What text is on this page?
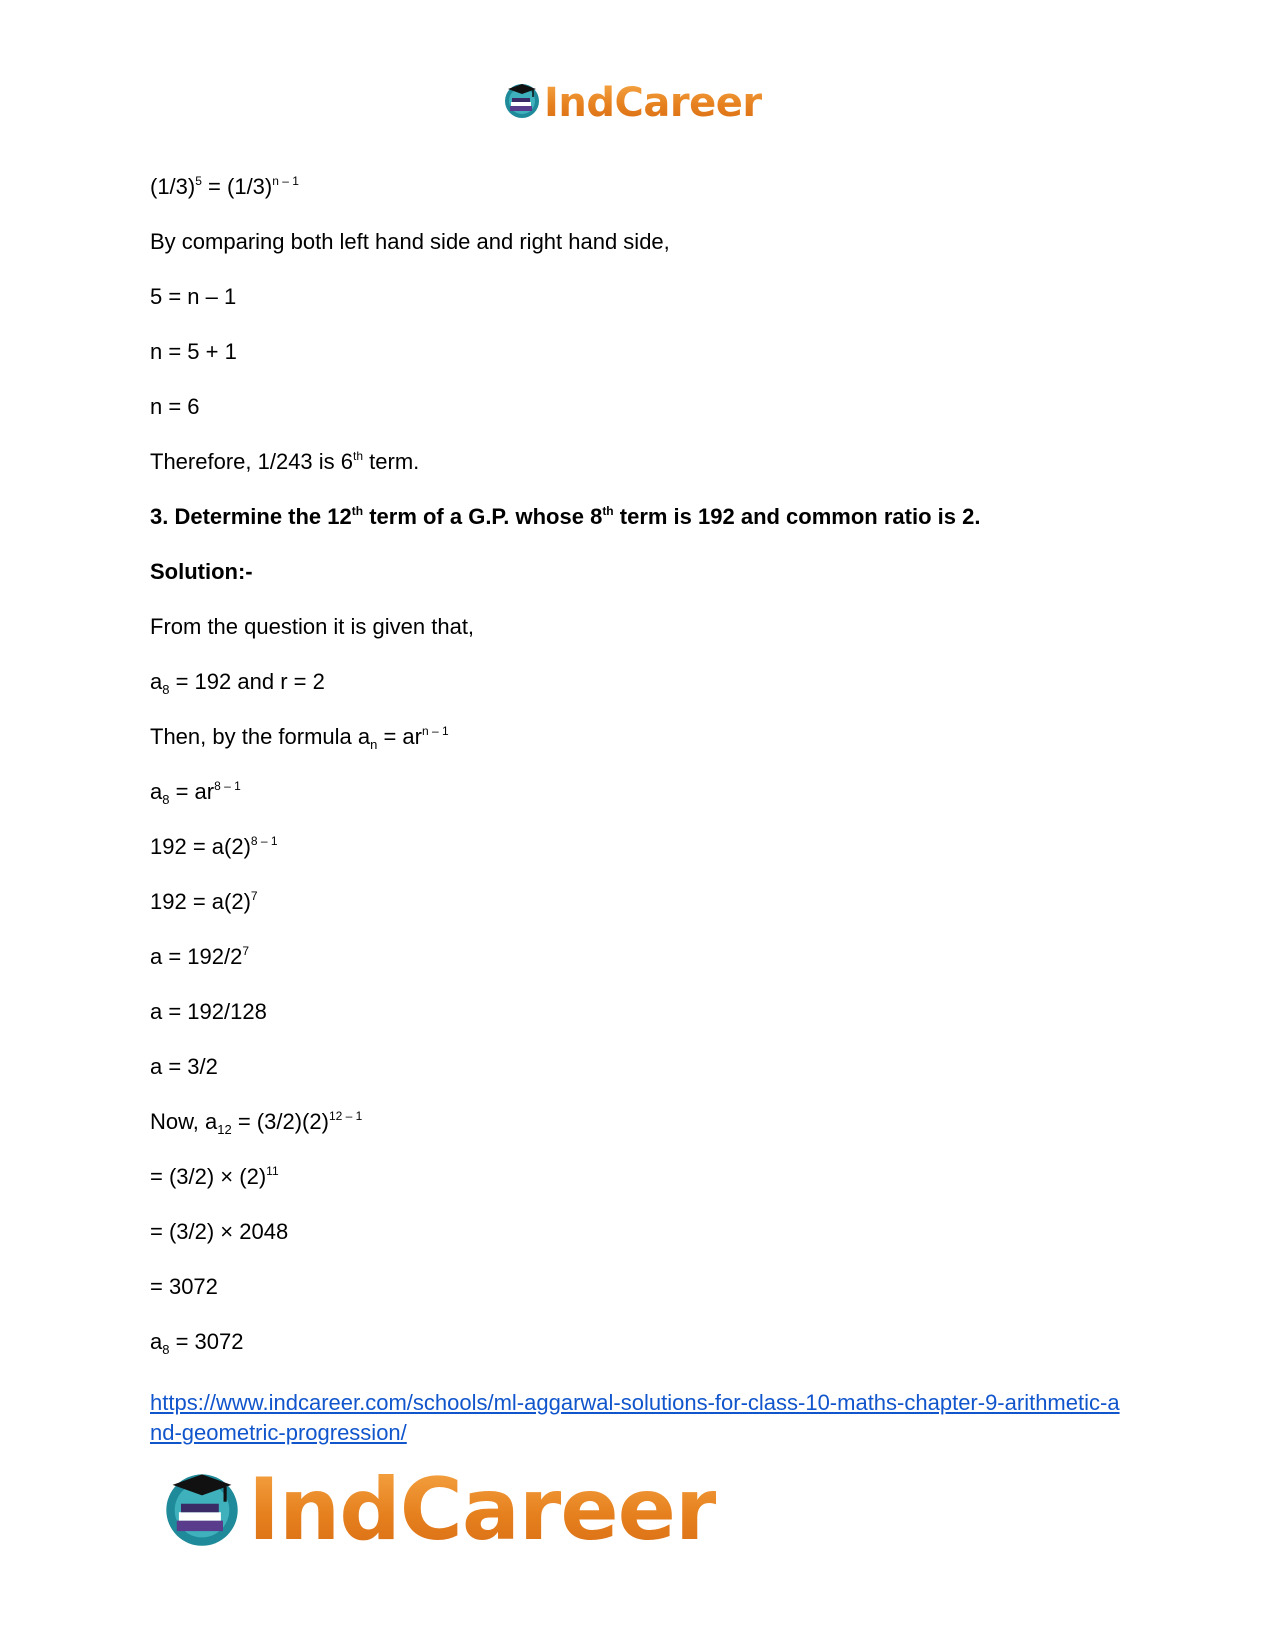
IndCareer
$(1/3)^5 = (1/3)^{n - 1}$
By comparing both left hand side and right hand side,
5 = n – 1
n = 5 + 1
n = 6
Therefore, 1/243 is 6th term.
3. Determine the 12th term of a G.P. whose 8th term is 192 and common ratio is 2.
Solution:-
From the question it is given that,
$a_8 = 192$ and r = 2
Then, by the formula $a_n = ar^{n - 1}$
$a_8 = ar^{8 - 1}$
$192 = a(2)^{8 - 1}$
$192 = a(2)^7$
$a = 192/2^7$
a = 192/128
a = 3/2
Now, $a_{12} = (3/2)(2)^{12 - 1}$
= $(3/2) \times (2)^{11}$
= (3/2) × 2048
= 3072
$a_8 = 3072$
https://www.indcareer.com/schools/ml-aggarwal-solutions-for-class-10-maths-chapter-9-arithmetic-and-geometric-progression/
IndCareer
